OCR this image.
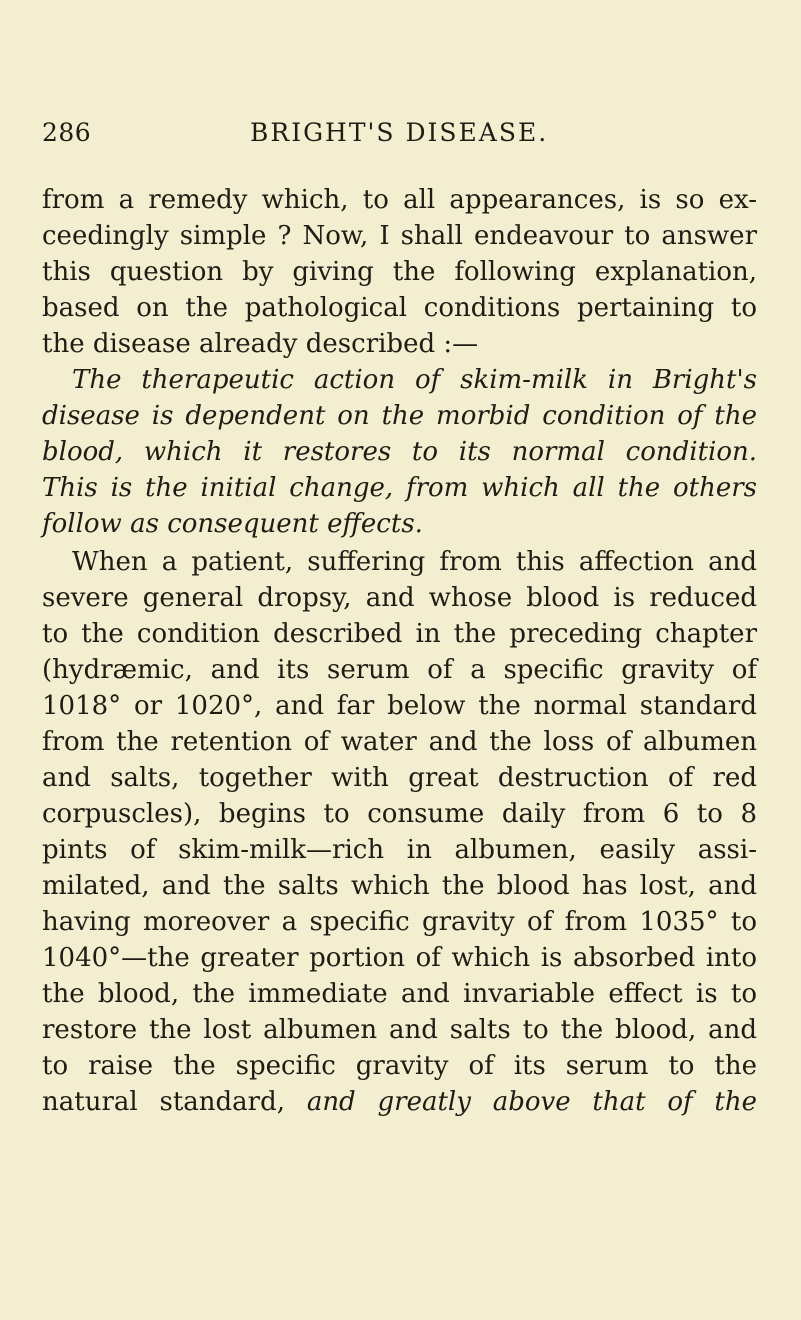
286	BRIGHT'S DISEASE.
from a remedy which, to all appearances, is so ex-
ceedingly simple ? Now, I shall endeavour to answer
this question by giving the following explanation,
based on the pathological conditions pertaining to
the disease already described :—
The therapeutic action of skim-milk in Bright's
disease is dependent on the morbid condition of the
blood, which it restores to its normal condition.
This is the initial change, from which all the others
follow as consequent effects.
When a patient, suffering from this affection and
severe general dropsy, and whose blood is reduced
to the condition described in the preceding chapter
(hydræmic, and its serum of a specific gravity of
1018° or 1020°, and far below the normal standard
from the retention of water and the loss of albumen
and salts, together with great destruction of red
corpuscles), begins to consume daily from 6 to 8
pints of skim-milk—rich in albumen, easily assi-
milated, and the salts which the blood has lost, and
having moreover a specific gravity of from 1035° to
1040°—the greater portion of which is absorbed into
the blood, the immediate and invariable effect is to
restore the lost albumen and salts to the blood, and
to raise the specific gravity of its serum to the
natural standard, and greatly above that of the
